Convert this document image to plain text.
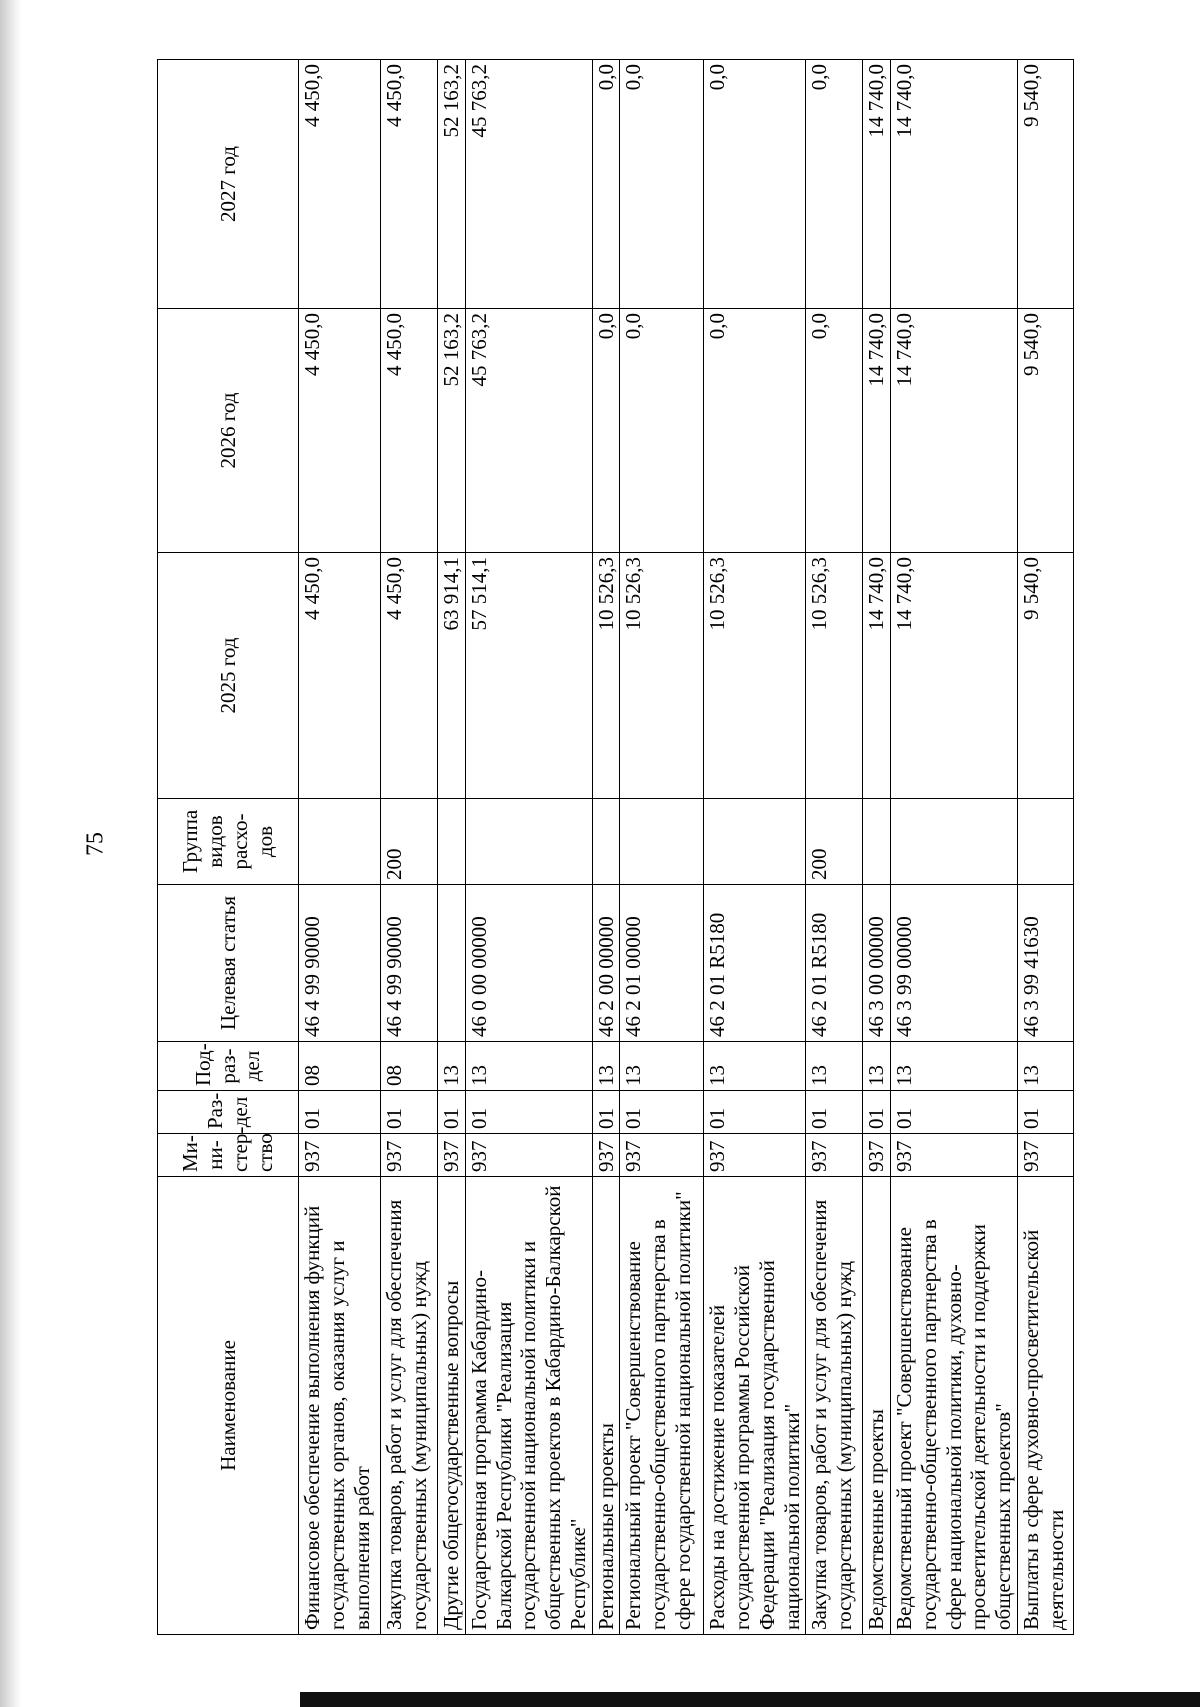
75
Наименование	Ми-ни-стер-ство	Раз-дел	Под-раз-дел	Целевая статья	Группа видов расхо-дов	2025 год	2026 год	2027 год
Финансовое обеспечение выполнения функций государственных органов, оказания услуг и выполнения работ	937	01	08	46 4 99 90000		4 450,0	4 450,0	4 450,0
Закупка товаров, работ и услуг для обеспечения государственных (муниципальных) нужд	937	01	08	46 4 99 90000	200	4 450,0	4 450,0	4 450,0
Другие общегосударственные вопросы	937	01	13			63 914,1	52 163,2	52 163,2
Государственная программа Кабардино-Балкарской Республики "Реализация государственной национальной политики и общественных проектов в Кабардино-Балкарской Республике"	937	01	13	46 0 00 00000		57 514,1	45 763,2	45 763,2
Региональные проекты	937	01	13	46 2 00 00000		10 526,3	0,0	0,0
Региональный проект "Совершенствование государственно-общественного партнерства в сфере государственной национальной политики"	937	01	13	46 2 01 00000		10 526,3	0,0	0,0
Расходы на достижение показателей государственной программы Российской Федерации "Реализация государственной национальной политики"	937	01	13	46 2 01 R5180		10 526,3	0,0	0,0
Закупка товаров, работ и услуг для обеспечения государственных (муниципальных) нужд	937	01	13	46 2 01 R5180	200	10 526,3	0,0	0,0
Ведомственные проекты	937	01	13	46 3 00 00000		14 740,0	14 740,0	14 740,0
Ведомственный проект "Совершенствование государственно-общественного партнерства в сфере национальной политики, духовно-просветительской деятельности и поддержки общественных проектов"	937	01	13	46 3 99 00000		14 740,0	14 740,0	14 740,0
Выплаты в сфере духовно-просветительской деятельности	937	01	13	46 3 99 41630		9 540,0	9 540,0	9 540,0
